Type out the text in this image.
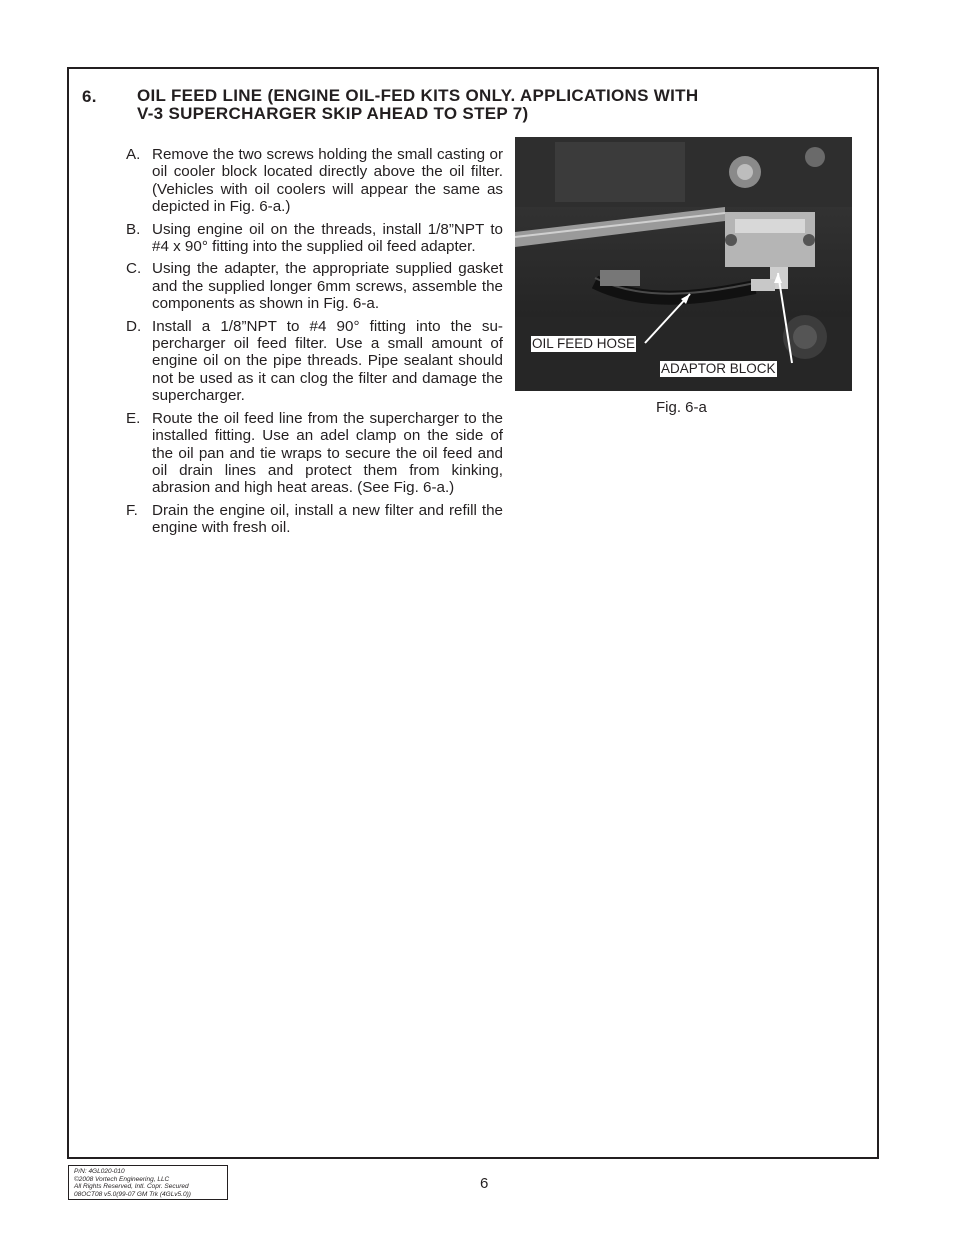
6. OIL FEED LINE (ENGINE OIL-FED KITS ONLY. APPLICATIONS WITH
V-3 SUPERCHARGER SKIP AHEAD TO STEP 7)
A. Remove the two screws holding the small casting or oil cooler block located directly above the oil filter. (Vehicles with oil coolers will appear the same as depicted in Fig. 6-a.)
B. Using engine oil on the threads, install 1/8”NPT to #4 x 90° fitting into the supplied oil feed adapter.
C. Using the adapter, the appropriate supplied gasket and the supplied longer 6mm screws, assemble the components as shown in Fig. 6-a.
D. Install a 1/8”NPT to #4 90° fitting into the su-percharger oil feed filter. Use a small amount of engine oil on the pipe threads. Pipe sealant should not be used as it can clog the filter and damage the supercharger.
E. Route the oil feed line from the supercharger to the installed fitting. Use an adel clamp on the side of the oil pan and tie wraps to secure the oil feed and oil drain lines and protect them from kinking, abrasion and high heat areas. (See Fig. 6-a.)
F. Drain the engine oil, install a new filter and refill the engine with fresh oil.
OIL FEED HOSE
ADAPTOR BLOCK
Fig. 6-a
P/N: 4GL020-010
©2008 Vortech Engineering, LLC
All Rights Reserved, Intl. Copr. Secured
08OCT08 v5.0(99-07 GM Trk (4GLv5.0))
6
